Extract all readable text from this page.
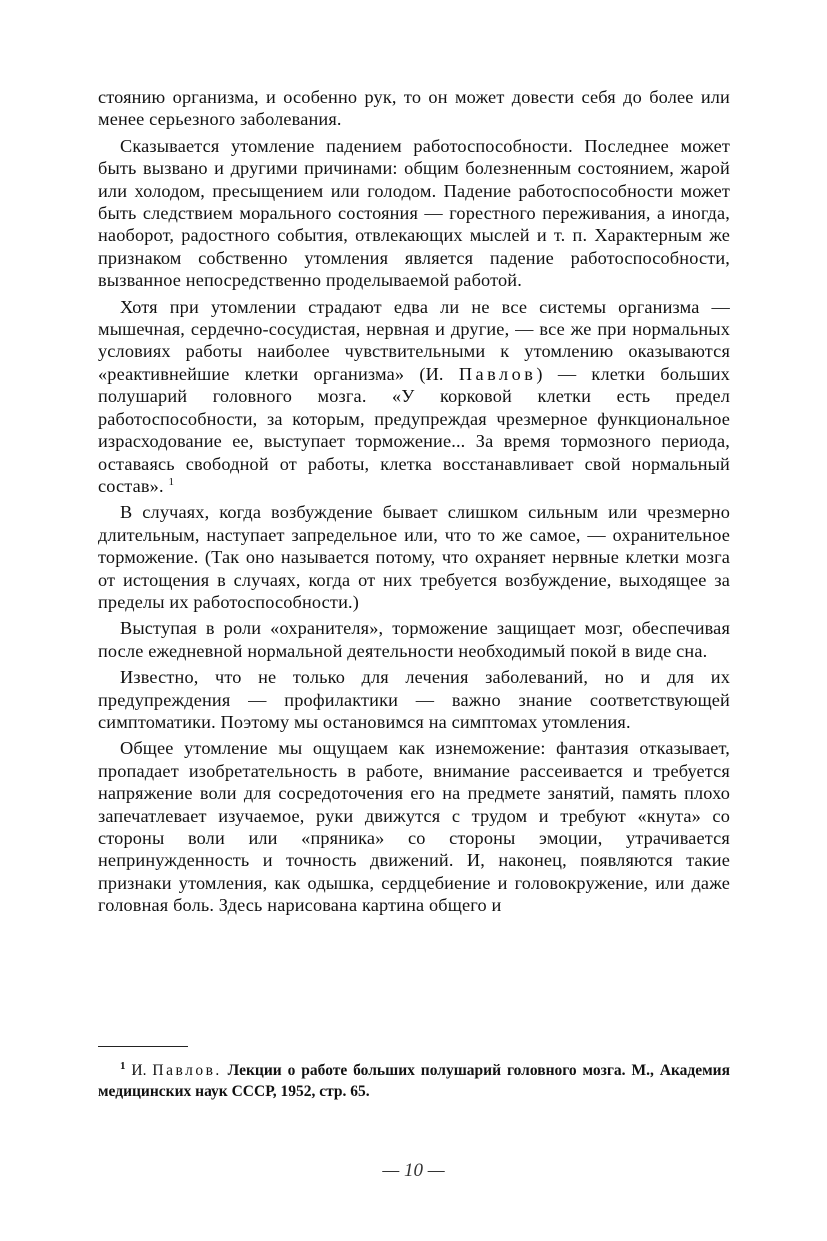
стоянию организма, и особенно рук, то он может довести себя до более или менее серьезного заболевания.

Сказывается утомление падением работоспособности. Последнее может быть вызвано и другими причинами: общим болезненным состоянием, жарой или холодом, пресыщением или голодом. Падение работоспособности может быть следствием морального состояния — горестного переживания, а иногда, наоборот, радостного события, отвлекающих мыслей и т. п. Характерным же признаком собственно утомления является падение работоспособности, вызванное непосредственно проделываемой работой.

Хотя при утомлении страдают едва ли не все системы организма — мышечная, сердечно-сосудистая, нервная и другие, — все же при нормальных условиях работы наиболее чувствительными к утомлению оказываются «реактивнейшие клетки организма» (И. Павлов) — клетки больших полушарий головного мозга. «У корковой клетки есть предел работоспособности, за которым, предупреждая чрезмерное функциональное израсходование ее, выступает торможение... За время тормозного периода, оставаясь свободной от работы, клетка восстанавливает свой нормальный состав». $^1$

В случаях, когда возбуждение бывает слишком сильным или чрезмерно длительным, наступает запредельное или, что то же самое, — охранительное торможение. (Так оно называется потому, что охраняет нервные клетки мозга от истощения в случаях, когда от них требуется возбуждение, выходящее за пределы их работоспособности.)

Выступая в роли «охранителя», торможение защищает мозг, обеспечивая после ежедневной нормальной деятельности необходимый покой в виде сна.

Известно, что не только для лечения заболеваний, но и для их предупреждения — профилактики — важно знание соответствующей симптоматики. Поэтому мы остановимся на симптомах утомления.

Общее утомление мы ощущаем как изнеможение: фантазия отказывает, пропадает изобретательность в работе, внимание рассеивается и требуется напряжение воли для сосредоточения его на предмете занятий, память плохо запечатлевает изучаемое, руки движутся с трудом и требуют «кнута» со стороны воли или «пряника» со стороны эмоции, утрачивается непринужденность и точность движений. И, наконец, появляются такие признаки утомления, как одышка, сердцебиение и головокружение, или даже головная боль. Здесь нарисована картина общего и

$^1$ И. Павлов. Лекции о работе больших полушарий головного мозга. М., Академия медицинских наук СССР, 1952, стр. 65.
— 10 —
